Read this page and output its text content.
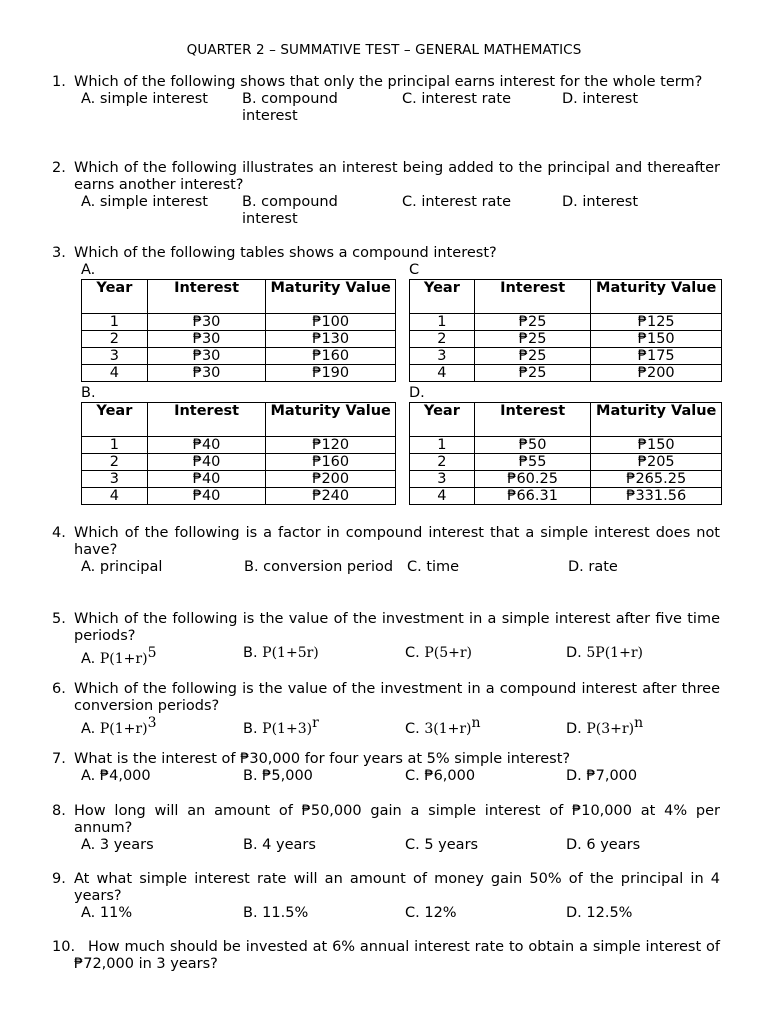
QUARTER 2 – SUMMATIVE TEST – GENERAL MATHEMATICS
1. Which of the following shows that only the principal earns interest for the whole term?
A. simple interest B. compound interest
C. interest rate	D. interest
2. Which of the following illustrates an interest being added to the principal and thereafter earns another interest?
A. simple interest B. compound interest
C. interest rate	D. interest
3. Which of the following tables shows a compound interest?
A.	C
B.	D.
Year	Interest	Maturity Value
1	₱30	₱100
2	₱30	₱130
3	₱30	₱160
4	₱30	₱190
Year	Interest	Maturity Value
1	₱25	₱125
2	₱25	₱150
3	₱25	₱175
4	₱25	₱200
Year	Interest	Maturity Value
1	₱40	₱120
2	₱40	₱160
3	₱40	₱200
4	₱40	₱240
Year	Interest	Maturity Value
1	₱50	₱150
2	₱55	₱205
3	₱60.25	₱265.25
4	₱66.31	₱331.56
4. Which of the following is a factor in compound interest that a simple interest does not have?
A. principal	B. conversion period C. time	D. rate
5. Which of the following is the value of the investment in a simple interest after five time periods?
A. $P(1+r)^5$	B. P(1+5r)	C. P(5+r)	D. 5P(1+r)
6. Which of the following is the value of the investment in a compound interest after three conversion periods?
A. $P(1+r)^3$	B. $P(1+3)^r$	C. $3(1+r)^n$	D. $P(3+r)^n$
7. What is the interest of ₱30,000 for four years at 5% simple interest?
A. ₱4,000	B. ₱5,000	C. ₱6,000	D. ₱7,000
8. How long will an amount of ₱50,000 gain a simple interest of ₱10,000 at 4% per annum?
A. 3 years	B. 4 years	C. 5 years	D. 6 years
9. At what simple interest rate will an amount of money gain 50% of the principal in 4 years?
A. 11%	B. 11.5%	C. 12%	D. 12.5%
10. How much should be invested at 6% annual interest rate to obtain a simple interest of ₱72,000 in 3 years?
